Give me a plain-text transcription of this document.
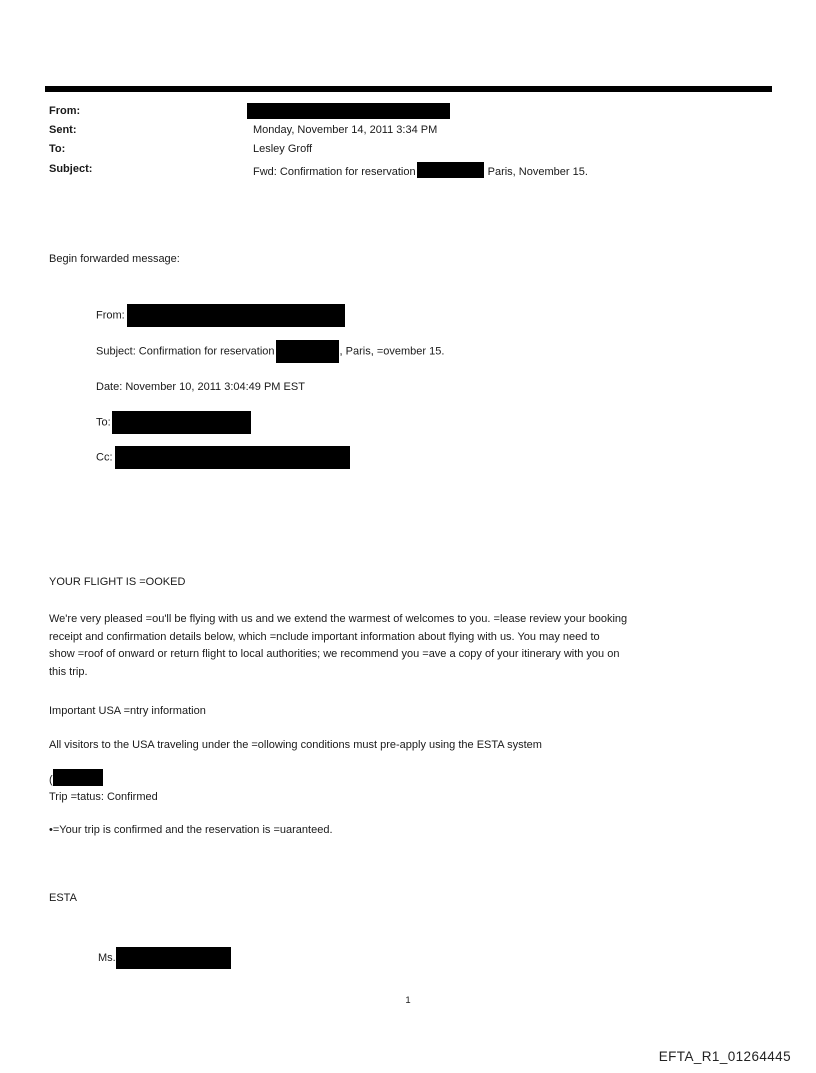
From:
Sent:	Monday, November 14, 2011 3:34 PM
To:	Lesley Groff
Subject:	Fwd: Confirmation for reservation	Paris, November 15.
Begin forwarded message:
From:
Subject: Confirmation for reservation	, Paris, =ovember 15.
Date: November 10, 2011 3:04:49 PM EST
To:
Cc:
YOUR FLIGHT IS =OOKED
We're very pleased =ou'll be flying with us and we extend the warmest of welcomes to you. =lease review your booking
receipt and confirmation details below, which =nclude important information about flying with us. You may need to
show =roof of onward or return flight to local authorities; we recommend you =ave a copy of your itinerary with you on
this trip.
Important USA =ntry information
All visitors to the USA traveling under the =ollowing conditions must pre-apply using the ESTA system
(
Trip =tatus: Confirmed
•=Your trip is confirmed and the reservation is =uaranteed.
ESTA
Ms.
1
EFTA_R1_01264445
